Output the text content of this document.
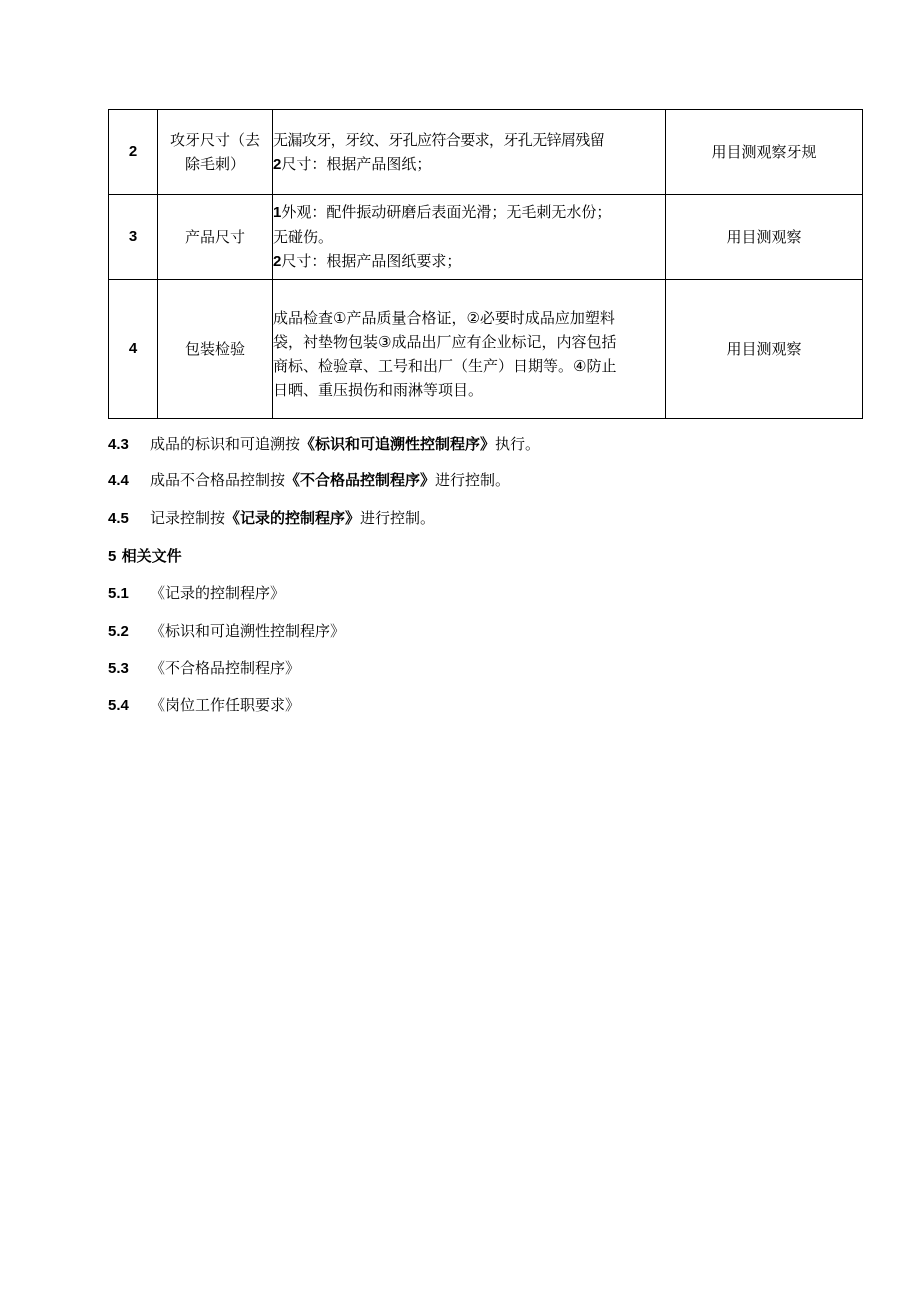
2	攻牙尺寸（去
除毛刺）	无漏攻牙，牙纹、牙孔应符合要求，牙孔无锌屑残留
2尺寸：根据产品图纸；	用目测观察牙规
3	产品尺寸	1外观：配件振动研磨后表面光滑；无毛刺无水份；
无碰伤。
2尺寸：根据产品图纸要求；	用目测观察
4	包装检验	成品检查①产品质量合格证，②必要时成品应加塑料
袋，衬垫物包装③成品出厂应有企业标记，内容包括
商标、检验章、工号和出厂（生产）日期等。④防止
日晒、重压损伤和雨淋等项目。	用目测观察
4.3 成品的标识和可追溯按《标识和可追溯性控制程序》执行。
4.4 成品不合格品控制按《不合格品控制程序》进行控制。
4.5 记录控制按《记录的控制程序》进行控制。
5 相关文件
5.1 《记录的控制程序》
5.2 《标识和可追溯性控制程序》
5.3 《不合格品控制程序》
5.4 《岗位工作任职要求》
